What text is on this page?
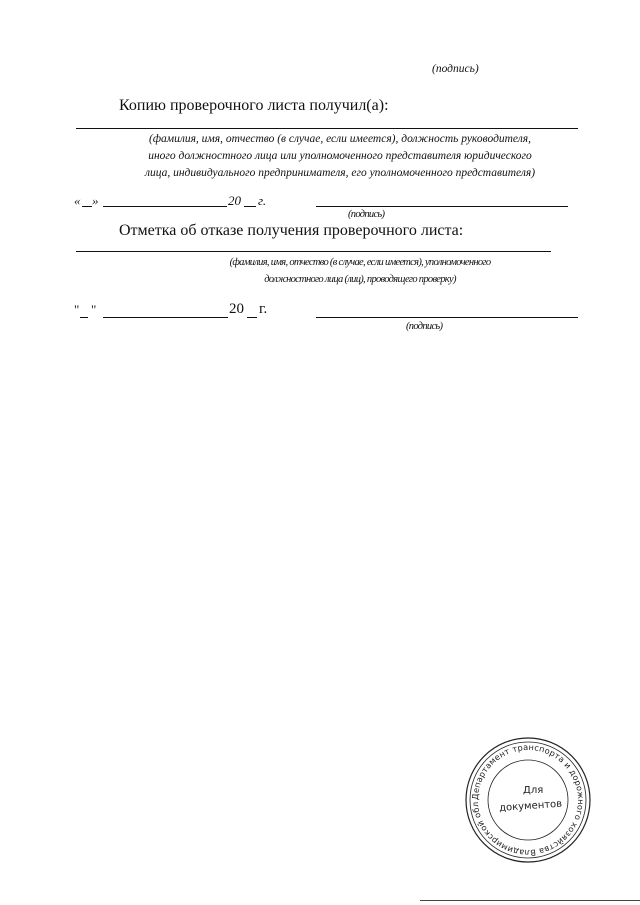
(подпись)
Копию проверочного листа получил(а):
(фамилия, имя, отчество (в случае, если имеется), должность руководителя,
иного должностного лица или уполномоченного представителя юридического
лица, индивидуального предпринимателя, его уполномоченного представителя)
« »	20 г.
(подпись)
Отметка об отказе получения проверочного листа:
(фамилия, имя, отчество (в случае, если имеется), уполномоченного
должностного лица (лиц), проводящего проверку)
" "	20 г.
(подпись)
Департамент транспорта и дорожного хозяйства Владимирской обл
Для
документов
